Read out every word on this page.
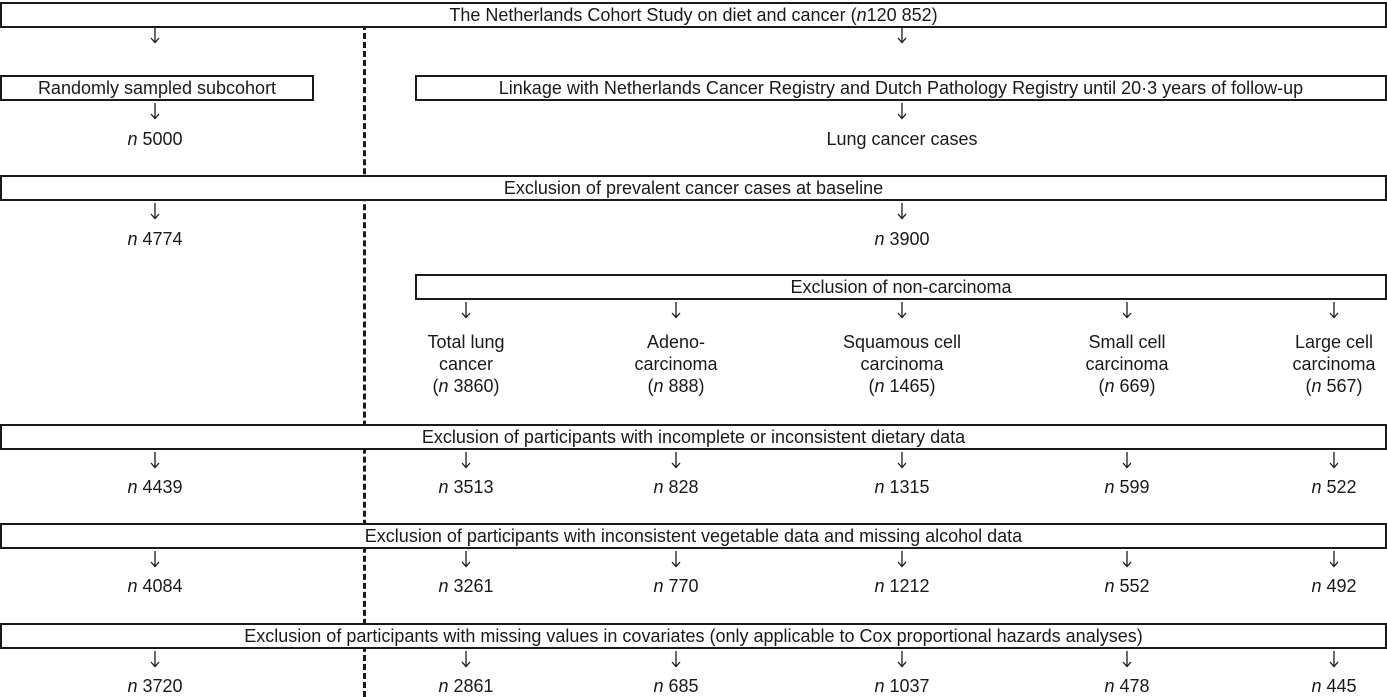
The Netherlands Cohort Study on diet and cancer ( n 120 852 )
Randomly sampled subcohort	Linkage with Netherlands Cancer Registry and Dutch Pathology Registry until 20·3 years of follow-up
n 5000	Lung cancer cases
Exclusion of prevalent cancer cases at baseline
n 4774	n 3900
Exclusion of non-carcinoma
Total lung
cancer
(n 3860)
Adeno-
carcinoma
(n 888)
Squamous cell
carcinoma
(n 1465)
Small cell
carcinoma
(n 669)
Large cell
carcinoma
(n 567)
Exclusion of participants with incomplete or inconsistent dietary data
Exclusion of participants with inconsistent vegetable data and missing alcohol data
Exclusion of participants with missing values in covariates (only applicable to Cox proportional hazards analyses)
n 4439	n 3513	n 828	n 1315	n 599	n 522
n 4084	n 3261	n 770	n 1212	n 552	n 492
n 3720	n 2861	n 685	n 1037	n 478	n 445
